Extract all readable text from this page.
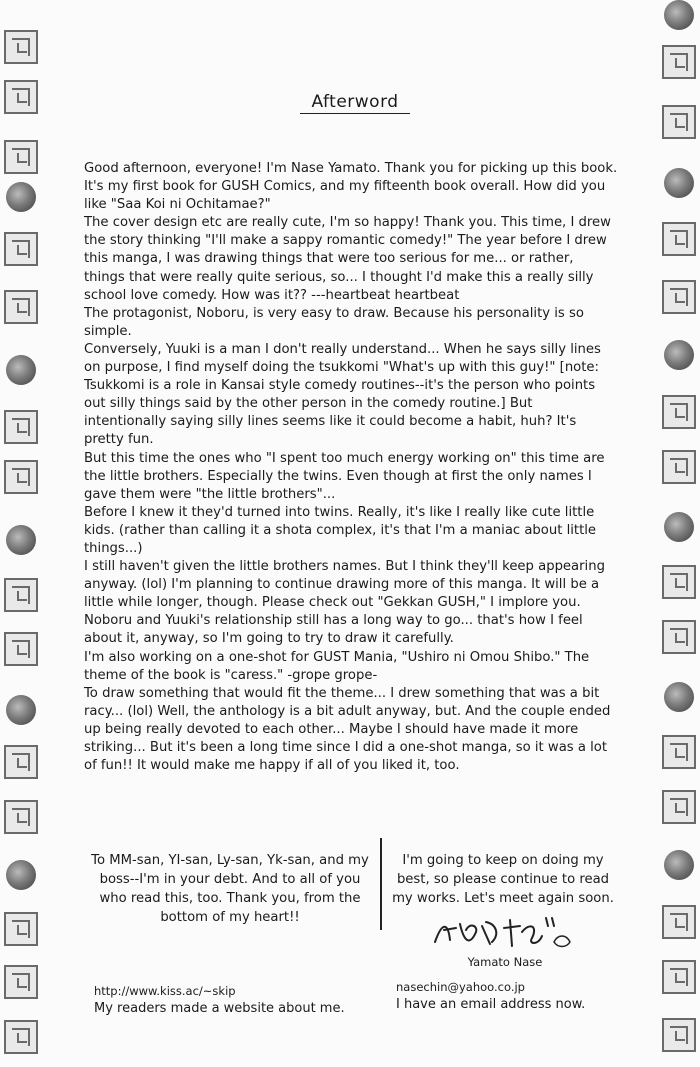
Afterword

Good afternoon, everyone! I'm Nase Yamato. Thank you for picking up this book. It's my first book for GUSH Comics, and my fifteenth book overall. How did you like "Saa Koi ni Ochitamae?"

The cover design etc are really cute, I'm so happy! Thank you. This time, I drew the story thinking "I'll make a sappy romantic comedy!" The year before I drew this manga, I was drawing things that were too serious for me... or rather, things that were really quite serious, so... I thought I'd make this a really silly school love comedy. How was it?? ---heartbeat heartbeat

The protagonist, Noboru, is very easy to draw. Because his personality is so simple.

Conversely, Yuuki is a man I don't really understand... When he says silly lines on purpose, I find myself doing the tsukkomi "What's up with this guy!" [note: Tsukkomi is a role in Kansai style comedy routines--it's the person who points out silly things said by the other person in the comedy routine.] But intentionally saying silly lines seems like it could become a habit, huh? It's pretty fun.

But this time the ones who "I spent too much energy working on" this time are the little brothers. Especially the twins. Even though at first the only names I gave them were "the little brothers"...

Before I knew it they'd turned into twins. Really, it's like I really like cute little kids. (rather than calling it a shota complex, it's that I'm a maniac about little things...)

I still haven't given the little brothers names. But I think they'll keep appearing anyway. (lol) I'm planning to continue drawing more of this manga. It will be a little while longer, though. Please check out "Gekkan GUSH," I implore you. Noboru and Yuuki's relationship still has a long way to go... that's how I feel about it, anyway, so I'm going to try to draw it carefully.

I'm also working on a one-shot for GUST Mania, "Ushiro ni Omou Shibo." The theme of the book is "caress." -grope grope-

To draw something that would fit the theme... I drew something that was a bit racy... (lol) Well, the anthology is a bit adult anyway, but. And the couple ended up being really devoted to each other... Maybe I should have made it more striking... But it's been a long time since I did a one-shot manga, so it was a lot of fun!! It would make me happy if all of you liked it, too.

To MM-san, YI-san, Ly-san, Yk-san, and my boss--I'm in your debt. And to all of you who read this, too. Thank you, from the bottom of my heart!!
I'm going to keep on doing my best, so please continue to read my works. Let's meet again soon.
Yamato Nase
http://www.kiss.ac/~skip
My readers made a website about me.
nasechin@yahoo.co.jp
I have an email address now.
